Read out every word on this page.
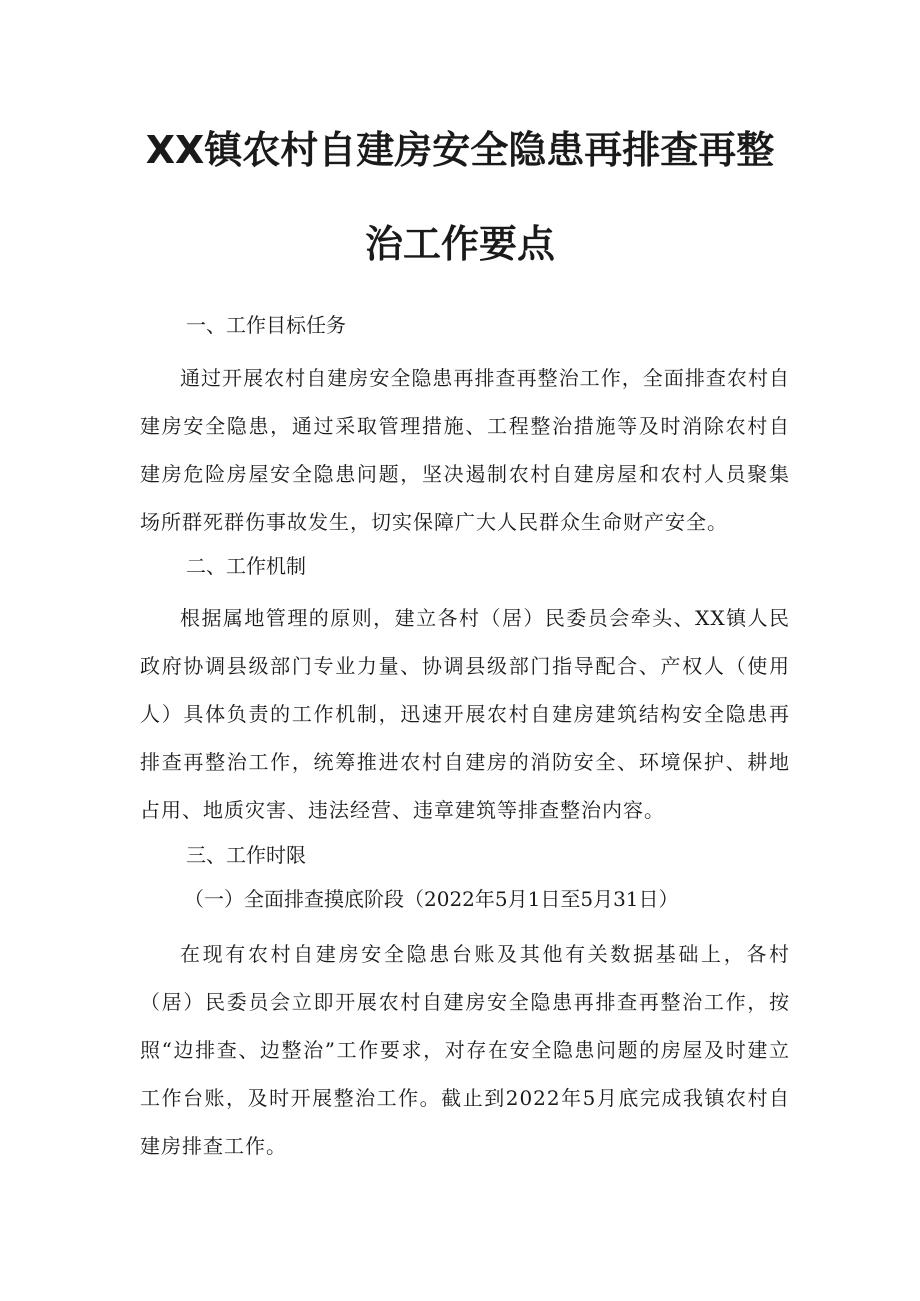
XX镇农村自建房安全隐患再排查再整
治工作要点
一、工作目标任务

通过开展农村自建房安全隐患再排查再整治工作，全面排查农村自建房安全隐患，通过采取管理措施、工程整治措施等及时消除农村自建房危险房屋安全隐患问题，坚决遏制农村自建房屋和农村人员聚集场所群死群伤事故发生，切实保障广大人民群众生命财产安全。

二、工作机制

根据属地管理的原则，建立各村（居）民委员会牵头、XX镇人民政府协调县级部门专业力量、协调县级部门指导配合、产权人（使用人）具体负责的工作机制，迅速开展农村自建房建筑结构安全隐患再排查再整治工作，统筹推进农村自建房的消防安全、环境保护、耕地占用、地质灾害、违法经营、违章建筑等排查整治内容。

三、工作时限
（一）全面排查摸底阶段（2022年5月1日至5月31日）

在现有农村自建房安全隐患台账及其他有关数据基础上，各村（居）民委员会立即开展农村自建房安全隐患再排查再整治工作，按照“边排查、边整治”工作要求，对存在安全隐患问题的房屋及时建立工作台账，及时开展整治工作。截止到2022年5月底完成我镇农村自建房排查工作。
